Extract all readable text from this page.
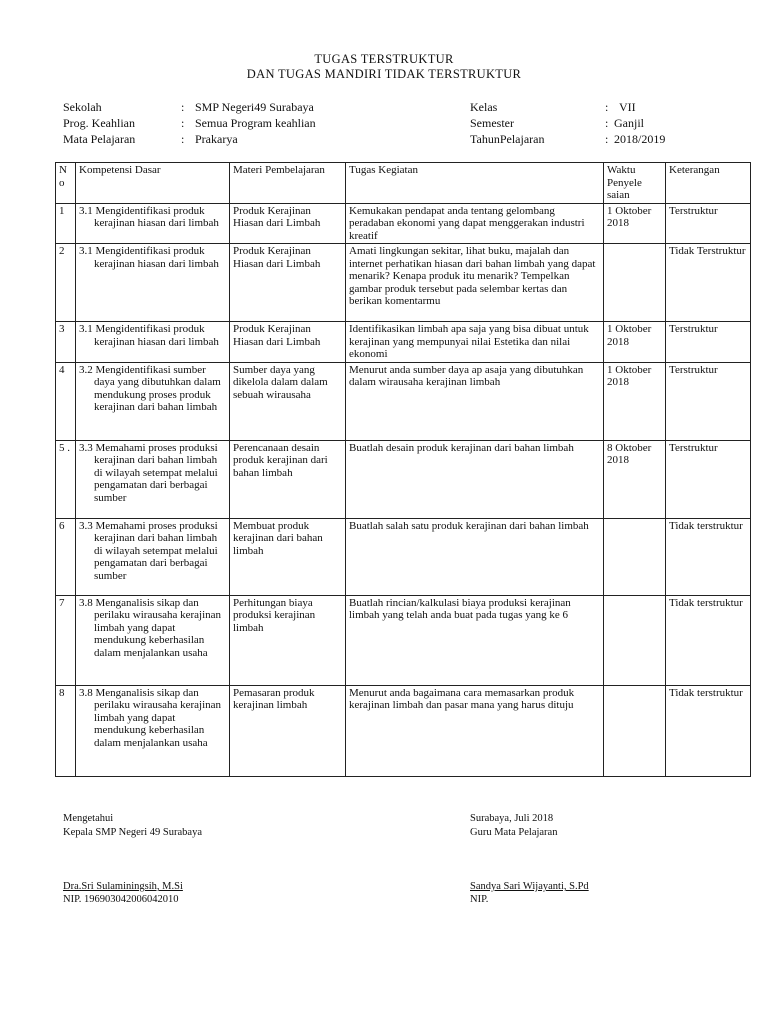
TUGAS TERSTRUKTUR
DAN TUGAS MANDIRI TIDAK TERSTRUKTUR
Sekolah	: SMP Negeri49 Surabaya
Prog. Keahlian	: Semua Program keahlian
Mata Pelajaran	: Prakarya
Kelas	: VII
Semester	: Ganjil
TahunPelajaran	: 2018/2019
N o	Kompetensi Dasar	Materi Pembelajaran	Tugas Kegiatan	Waktu Penyele saian	Keterangan
1	3.1 Mengidentifikasi produk kerajinan hiasan dari limbah	Produk Kerajinan Hiasan dari Limbah	Kemukakan pendapat anda tentang gelombang peradaban ekonomi yang dapat menggerakan industri kreatif	1 Oktober 2018	Terstruktur
2	3.1 Mengidentifikasi produk kerajinan hiasan dari limbah	Produk Kerajinan Hiasan dari Limbah	Amati lingkungan sekitar, lihat buku, majalah dan internet perhatikan hiasan dari bahan limbah yang dapat menarik? Kenapa produk itu menarik? Tempelkan gambar produk tersebut pada selembar kertas dan berikan komentarmu		Tidak Terstruktur
3	3.1 Mengidentifikasi produk kerajinan hiasan dari limbah	Produk Kerajinan Hiasan dari Limbah	Identifikasikan limbah apa saja yang bisa dibuat untuk kerajinan yang mempunyai nilai Estetika dan nilai ekonomi	1 Oktober 2018	Terstruktur
4	3.2 Mengidentifikasi sumber daya yang dibutuhkan dalam mendukung proses produk kerajinan dari bahan limbah	Sumber daya yang dikelola dalam dalam sebuah wirausaha	Menurut anda sumber daya ap asaja yang dibutuhkan dalam wirausaha kerajinan limbah	1 Oktober 2018	Terstruktur
5 .	3.3 Memahami proses produksi kerajinan dari bahan limbah di wilayah setempat melalui pengamatan dari berbagai sumber	Perencanaan desain produk kerajinan dari bahan limbah	Buatlah desain produk kerajinan dari bahan limbah	8 Oktober 2018	Terstruktur
6	3.3 Memahami proses produksi kerajinan dari bahan limbah di wilayah setempat melalui pengamatan dari berbagai sumber	Membuat produk kerajinan dari bahan limbah	Buatlah salah satu produk kerajinan dari bahan limbah		Tidak terstruktur
7	3.8 Menganalisis sikap dan perilaku wirausaha kerajinan limbah yang dapat mendukung keberhasilan dalam menjalankan usaha	Perhitungan biaya produksi kerajinan limbah	Buatlah rincian/kalkulasi biaya produksi kerajinan limbah yang telah anda buat pada tugas yang ke 6		Tidak terstruktur
8	3.8 Menganalisis sikap dan perilaku wirausaha kerajinan limbah yang dapat mendukung keberhasilan dalam menjalankan usaha	Pemasaran produk kerajinan limbah	Menurut anda bagaimana cara memasarkan produk kerajinan limbah dan pasar mana yang harus dituju		Tidak terstruktur
Mengetahui
Kepala SMP Negeri 49 Surabaya
Dra.Sri Sulaminingsih, M.Si
NIP. 196903042006042010
Surabaya, Juli 2018
Guru Mata Pelajaran
Sandya Sari Wijayanti, S.Pd
NIP.
